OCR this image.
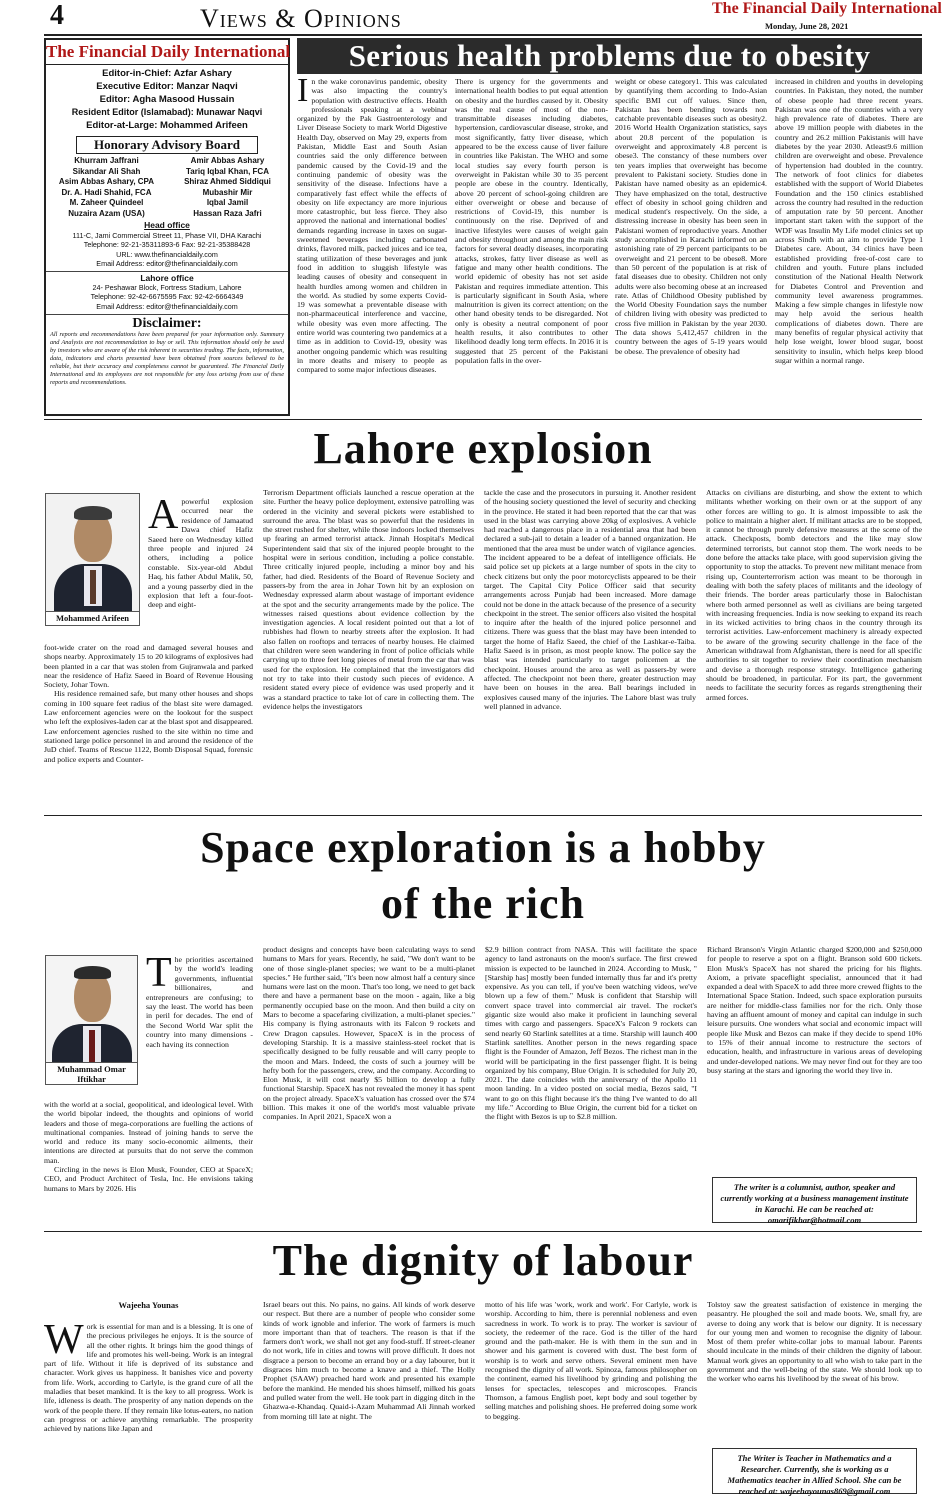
4	Views & Opinions	The Financial Daily International
Monday, June 28, 2021
The Financial Daily International
Editor-in-Chief: Azfar Ashary
Executive Editor: Manzar Naqvi
Editor: Agha Masood Hussain
Resident Editor (Islamabad): Munawar Naqvi
Editor-at-Large: Mohammed Arifeen
Honorary Advisory Board
Khurram Jaffrani
Sikandar Ali Shah
Asim Abbas Ashary, CPA
Dr. A. Hadi Shahid, FCA
M. Zaheer Quindeel
Nuzaira Azam (USA)
Amir Abbas Ashary
Tariq Iqbal Khan, FCA
Shiraz Ahmed Siddiqui
Mubashir Mir
Iqbal Jamil
Hassan Raza Jafri
Head office
111-C, Jami Commercial Street 11, Phase VII, DHA Karachi
Telephone: 92-21-35311893-6 Fax: 92-21-35388428
URL: www.thefinancialdaily.com
Email Address: editor@thefinancialdaily.com
Lahore office
24- Peshawar Block, Fortress Stadium, Lahore
Telephone: 92-42-6675595 Fax: 92-42-6664349
Email Address: editor@thefinancialdaily.com
Disclaimer:
All reports and recommendations have been prepared for your information only. Summary and Analysis are not recommendation to buy or sell. This information should only be used by investors who are aware of the risk inherent in securities trading. The facts, information, data, indicators and charts presented have been obtained from sources believed to be reliable, but their accuracy and completeness cannot be guaranteed. The Financial Daily International and its employees are not responsible for any loss arising from use of these reports and recommendations.
Serious health problems due to obesity

In the wake coronavirus pandemic, obesity was also impacting the country's population with destructive effects. Health professionals speaking at a webinar organized by the Pak Gastroenterology and Liver Disease Society to mark World Digestive Health Day, observed on May 29, experts from Pakistan, Middle East and South Asian countries said the only difference between pandemic caused by the Covid-19 and the continuing pandemic of obesity was the sensitivity of the disease. Infections have a comparatively fast effect while the effects of obesity on life expectancy are more injurious more catastrophic, but less fierce. They also approved the national and international bodies' demands regarding increase in taxes on sugar-sweetened beverages including carbonated drinks, flavored milk, packed juices and ice tea, stating utilization of these beverages and junk food in addition to sluggish lifestyle was leading causes of obesity and consequent in health hurdles among women and children in the world. As studied by some experts Covid-19 was somewhat a preventable disease with non-pharmaceutical interference and vaccine, while obesity was even more affecting. The entire world was countering two pandemics at a time as in addition to Covid-19, obesity was another ongoing pandemic which was resulting in more deaths and misery to people as compared to some major infectious diseases.

There is urgency for the governments and international health bodies to put equal attention on obesity and the hurdles caused by it. Obesity was the real cause of most of the non-transmittable diseases including diabetes, hypertension, cardiovascular disease, stroke, and most significantly, fatty liver disease, which appeared to be the excess cause of liver failure in countries like Pakistan. The WHO and some local studies say every fourth person is overweight in Pakistan while 30 to 35 percent people are obese in the country. Identically, above 20 percent of school-going children are either overweight or obese and because of restrictions of Covid-19, this number is continuously on the rise. Deprived of and inactive lifestyles were causes of weight gain and obesity throughout and among the main risk factors for several deadly diseases, incorporating attacks, strokes, fatty liver disease as well as fatigue and many other health conditions. The world epidemic of obesity has not set aside Pakistan and requires immediate attention. This is particularly significant in South Asia, where malnutrition is given its correct attention; on the other hand obesity tends to be disregarded. Not only is obesity a neutral component of poor health results, it also contributes to other likelihood deadly long term effects. In 2016 it is suggested that 25 percent of the Pakistani population falls in the over-

weight or obese category1. This was calculated by quantifying them according to Indo-Asian specific BMI cut off values. Since then, Pakistan has been bending towards non catchable preventable diseases such as obesity2. 2016 World Health Organization statistics, says about 20.8 percent of the population is overweight and approximately 4.8 percent is obese3. The constancy of these numbers over ten years implies that overweight has become prevalent to Pakistani society. Studies done in Pakistan have named obesity as an epidemic4. They have emphasized on the total, destructive effect of obesity in school going children and medical student's respectively. On the side, a distressing increase in obesity has been seen in Pakistani women of reproductive years. Another study accomplished in Karachi informed on an astonishing rate of 29 percent participants to be overweight and 21 percent to be obese8. More than 50 percent of the population is at risk of fatal diseases due to obesity. Children not only adults were also becoming obese at an increased rate. Atlas of Childhood Obesity published by the World Obesity Foundation says the number of children living with obesity was predicted to cross five million in Pakistan by the year 2030. The data shows 5,412,457 children in the country between the ages of 5-19 years would be obese. The prevalence of obesity had

increased in children and youths in developing countries. In Pakistan, they noted, the number of obese people had three recent years. Pakistan was one of the countries with a very high prevalence rate of diabetes. There are above 19 million people with diabetes in the country and 26.2 million Pakistanis will have diabetes by the year 2030. Atleast9.6 million children are overweight and obese. Prevalence of hypertension had doubled in the country. The network of foot clinics for diabetes established with the support of World Diabetes Foundation and the 150 clinics established across the country had resulted in the reduction of amputation rate by 50 percent. Another important start taken with the support of the WDF was Insulin My Life model clinics set up across Sindh with an aim to provide Type 1 Diabetes care. About, 34 clinics have been established providing free-of-cost care to children and youth. Future plans included constitution of the National Health Network for Diabetes Control and Prevention and community level awareness programmes. Making a few simple changes in lifestyle now may help avoid the serious health complications of diabetes down. There are many benefits of regular physical activity that help lose weight, lower blood sugar, boost sensitivity to insulin, which helps keep blood sugar within a normal range.

Lahore explosion
Mohammed Arifeen

Apowerful explosion occurred near the residence of Jamaatud Dawa chief Hafiz Saeed here on Wednesday killed three people and injured 24 others, including a police constable. Six-year-old Abdul Haq, his father Abdul Malik, 50, and a young passerby died in the explosion that left a four-foot-deep and eight-

foot-wide crater on the road and damaged several houses and shops nearby. Approximately 15 to 20 kilograms of explosives had been planted in a car that was stolen from Gujranwala and parked near the residence of Hafiz Saeed in Board of Revenue Housing Society, Johar Town.

His residence remained safe, but many other houses and shops coming in 100 square feet radius of the blast site were damaged. Law enforcement agencies were on the lookout for the suspect who left the explosives-laden car at the blast spot and disappeared. Law enforcement agencies rushed to the site within no time and stationed large police personnel in and around the residence of the JuD chief. Teams of Rescue 1122, Bomb Disposal Squad, forensic and police experts and Counter-

Terrorism Department officials launched a rescue operation at the site. Further the heavy police deployment, extensive patrolling was ordered in the vicinity and several pickets were established to surround the area. The blast was so powerful that the residents in the street rushed for shelter, while those indoors locked themselves up fearing an armed terrorist attack. Jinnah Hospital's Medical Superintendent said that six of the injured people brought to the hospital were in serious condition, including a police constable. Three critically injured people, including a minor boy and his father, had died. Residents of the Board of Revenue Society and passers-by from the area in Johar Town hit by an explosion on Wednesday expressed alarm about wastage of important evidence at the spot and the security arrangements made by the police. The witnesses raised questions about evidence collection by the investigation agencies. A local resident pointed out that a lot of rubbishes had flown to nearby streets after the explosion. It had also fallen on rooftops and terraces of nearby houses. He claimed that children were seen wandering in front of police officials while carrying up to three feet long pieces of metal from the car that was used for the explosion. He complained that the investigators did not try to take into their custody such pieces of evidence. A resident stated every piece of evidence was used properly and it was a standard practice to take lot of care in collecting them. The evidence helps the investigators

tackle the case and the prosecutors in pursuing it. Another resident of the housing society questioned the level of security and checking in the province. He stated it had been reported that the car that was used in the blast was carrying above 20kg of explosives. A vehicle had reached a dangerous place in a residential area that had been declared a sub-jail to detain a leader of a banned organization. He mentioned that the area must be under watch of vigilance agencies. The incident appeared to be a defeat of intelligence officials. He said police set up pickets at a large number of spots in the city to check citizens but only the poor motorcyclists appeared to be their target. The Capital City Police Officer said that security arrangements across Punjab had been increased. More damage could not be done in the attack because of the presence of a security checkpoint in the street. The senior officers also visited the hospital to inquire after the health of the injured police personnel and citizens. There was guess that the blast may have been intended to target the home of Hafiz Saeed, the chief of the Lashkar-e-Taiba. Hafiz Saeed is in prison, as most people know. The police say the blast was intended particularly to target policemen at the checkpoint. Houses around the area as well as passers-by were affected. The checkpoint not been there, greater destruction may have been on houses in the area. Ball bearings included in explosives caused many of the injuries. The Lahore blast was truly well planned in advance.

Attacks on civilians are disturbing, and show the extent to which militants whether working on their own or at the support of any other forces are willing to go. It is almost impossible to ask the police to maintain a higher alert. If militant attacks are to be stopped, it cannot be through purely defensive measures at the scene of the attack. Checkposts, bomb detectors and the like may slow determined terrorists, but cannot stop them. The work needs to be done before the attacks take place, with good supervision giving the opportunity to stop the attacks. To prevent new militant menace from rising up, Counterterrorism action was meant to be thorough in dealing with both the safety places of militants and the ideology of their friends. The border areas particularly those in Balochistan where both armed personnel as well as civilians are being targeted with increasing frequencies. India is now seeking to expand its reach in its wicked activities to bring chaos in the country through its terrorist activities. Law-enforcement machinery is already expected to be aware of the growing security challenge in the face of the American withdrawal from Afghanistan, there is need for all specific authorities to sit together to review their coordination mechanism and devise a thorough response strategy. Intelligence gathering should be broadened, in particular. For its part, the government needs to facilitate the security forces as regards strengthening their armed forces.

Space exploration is a hobby
of the rich
Muhammad Omar Iftikhar

The priorities ascertained by the world's leading governments, influential billionaires, and entrepreneurs are confusing; to say the least. The world has been in peril for decades. The end of the Second World War split the country into many dimensions - each having its connection

with the world at a social, geopolitical, and ideological level. With the world bipolar indeed, the thoughts and opinions of world leaders and those of mega-corporations are fuelling the actions of multinational companies. Instead of joining hands to serve the world and reduce its many socio-economic ailments, their intentions are directed at pursuits that do not serve the common man.

Circling in the news is Elon Musk, Founder, CEO at SpaceX; CEO, and Product Architect of Tesla, Inc. He envisions taking humans to Mars by 2026. His

product designs and concepts have been calculating ways to send humans to Mars for years. Recently, he said, "We don't want to be one of those single-planet species; we want to be a multi-planet species." He further said, "It's been now almost half a century since humans were last on the moon. That's too long, we need to get back there and have a permanent base on the moon - again, like a big permanently occupied base on the moon. And then build a city on Mars to become a spacefaring civilization, a multi-planet species." His company is flying astronauts with its Falcon 9 rockets and Crew Dragon capsules. However, SpaceX is in the process of developing Starship. It is a massive stainless-steel rocket that is specifically designed to be fully reusable and will carry people to the moon and Mars. Indeed, the costs of such a journey will be hefty both for the passengers, crew, and the company. According to Elon Musk, it will cost nearly $5 billion to develop a fully functional Starship. SpaceX has not revealed the money it has spent on the project already. SpaceX's valuation has crossed over the $74 billion. This makes it one of the world's most valuable private companies. In April 2021, SpaceX won a

$2.9 billion contract from NASA. This will facilitate the space agency to land astronauts on the moon's surface. The first crewed mission is expected to be launched in 2024. According to Musk, "[Starship has] mostly been funded internally thus far and it's pretty expensive. As you can tell, if you've been watching videos, we've blown up a few of them." Musk is confident that Starship will convert space travel into commercial air travel. The rocket's gigantic size would also make it proficient in launching several times with cargo and passengers. SpaceX's Falcon 9 rockets can send nearly 60 Starlink satellites at a time. Starship will launch 400 Starlink satellites. Another person in the news regarding space flight is the Founder of Amazon, Jeff Bezos. The richest man in the world will be participating in the first passenger flight. It is being organized by his company, Blue Origin. It is scheduled for July 20, 2021. The date coincides with the anniversary of the Apollo 11 moon landing. In a video posted on social media, Bezos said, "I want to go on this flight because it's the thing I've wanted to do all my life." According to Blue Origin, the current bid for a ticket on the flight with Bezos is up to $2.8 million.

Richard Branson's Virgin Atlantic charged $200,000 and $250,000 for people to reserve a spot on a flight. Branson sold 600 tickets. Elon Musk's SpaceX has not shared the pricing for his flights. Axiom, a private spaceflight specialist, announced that it had expanded a deal with SpaceX to add three more crewed flights to the International Space Station. Indeed, such space exploration pursuits are neither for middle-class families nor for the rich. Only those having an affluent amount of money and capital can indulge in such leisure pursuits. One wonders what social and economic impact will people like Musk and Bezos can make if they decide to spend 10% to 15% of their annual income to restructure the sectors of education, health, and infrastructure in various areas of developing and under-developed nations. We may never find out for they are too busy staring at the stars and ignoring the world they live in.

The writer is a columnist, author, speaker and currently working at a business management institute in Karachi. He can be reached at: omarifikhar@hotmail.com
The dignity of labour
Wajeeha Younas

Work is essential for man and is a blessing. It is one of the precious privileges he enjoys. It is the source of all the other rights. It brings him the good things of life and promotes his well-being. Work is an integral part of life. Without it life is deprived of its substance and character. Work gives us happiness. It banishes vice and poverty from life. Work, according to Carlyle, is the grand cure of all the maladies that beset mankind. It is the key to all progress. Work is life, idleness is death. The prosperity of any nation depends on the work of the people there. If they remain like lotus-eaters, no nation can progress or achieve anything remarkable. The prosperity achieved by nations like Japan and

Israel bears out this. No pains, no gains. All kinds of work deserve our respect. But there are a number of people who consider some kinds of work ignoble and inferior. The work of farmers is much more important than that of teachers. The reason is that if the farmers don't work, we shall not get any food-stuff. If street-cleaner do not work, life in cities and towns will prove difficult. It does not disgrace a person to become an errand boy or a day labourer, but it disgraces him much to become a knave and a thief. The Holly Prophet (SAAW) preached hard work and presented his example before the mankind. He mended his shoes himself, milked his goats and pulled water from the well. He took part in digging ditch in the Ghazwa-e-Khandaq. Quaid-i-Azam Muhammad Ali Jinnah worked from morning till late at night. The

motto of his life was 'work, work and work'. For Carlyle, work is worship. According to him, there is perennial nobleness and even sacredness in work. To work is to pray. The worker is saviour of society, the redeemer of the race. God is the tiller of the hard ground and the path-maker. He is with them in the sun and in shower and his garment is covered with dust. The best form of worship is to work and serve others. Several eminent men have recognised the dignity of all work. Spinoza, famous philosopher on the continent, earned his livelihood by grinding and polishing the lenses for spectacles, telescopes and microscopes. Francis Thomson, a famous English poet, kept body and soul together by selling matches and polishing shoes. He preferred doing some work to begging.

Tolstoy saw the greatest satisfaction of existence in merging the peasantry. He ploughed the soil and made boots. We, small fry, are averse to doing any work that is below our dignity. It is necessary for our young men and women to recognise the dignity of labour. Most of them prefer white-collar jobs to manual labour. Parents should inculcate in the minds of their children the dignity of labour. Manual work gives an opportunity to all who wish to take part in the government and the well-being of the state. We should look up to the worker who earns his livelihood by the sweat of his brow.

The Writer is Teacher in Mathematics and a Researcher. Currently, she is working as a Mathematics teacher in Allied School. She can be reached at: wajeehayounas869@gmail.com
